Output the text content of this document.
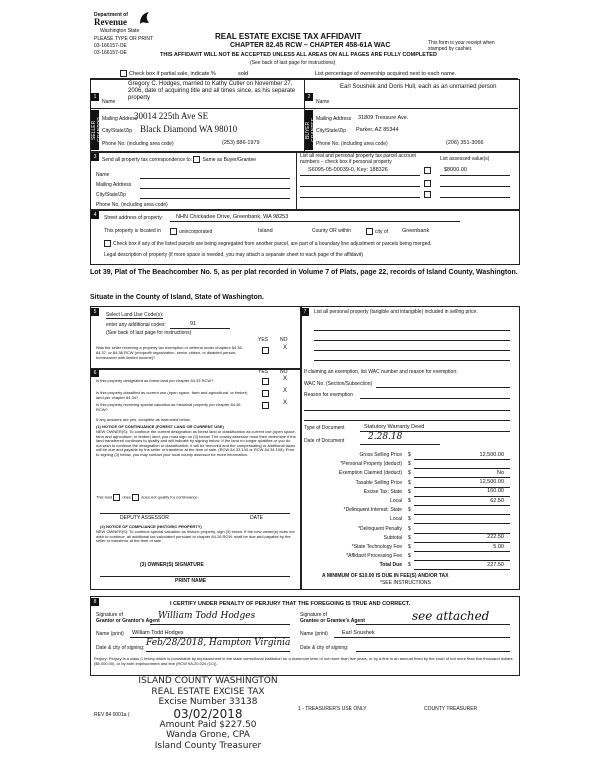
Department of
Revenue
Washington State
PLEASE TYPE OR PRINT
03-166157-OE
03-166157-OE
REAL ESTATE EXCISE TAX AFFIDAVIT
CHAPTER 82.45 RCW – CHAPTER 458-61A WAC
THIS AFFIDAVIT WILL NOT BE ACCEPTED UNLESS ALL AREAS ON ALL PAGES ARE FULLY COMPLETED
(See back of last page for instructions)
This form is your receipt when stamped by cashier.
Check box if partial sale, indicate %	sold	List percentage of ownership acquired next to each name.
1	2
Name
Gregory C. Hodges, married to Kathy Cutler on November 27, 2006, date of acquiring title and all times since, as his separate property
Name
Earl Soushek and Doris Hull, each as an unmarried person
SELLER GRANTOR	BUYER GRANTEE
Mailing Address
30014 225th Ave SE
City/State/Zip Black Diamond WA 98010
Phone No. (including area code)	(253) 886-1979
Mailing Address 31809 Tressure Ave.
City/State/Zip Parker, AZ 85344
Phone No. (including area code)	(206) 351-3066
3	Send all property tax correspondence to: Same as Buyer/Grantee
Name
Mailing Address
City/State/Zip
Phone No. (including area code)
List all real and personal property tax parcel account numbers – check box if personal property	List assessed value(s)
S6095-05-00039-0, Key: 188326	$8000.00
4	Street address of property: NHN Chickadee Drive, Greenbank, WA 98253
This property is located in	unincorporated	Island	County OR within	city of	Greenbank
Check box if any of the listed parcels are being segregated from another parcel, are part of a boundary line adjustment or parcels being merged.
Legal description of property (if more space is needed, you may attach a separate sheet to each page of the affidavit)
Lot 39, Plat of The Beachcomber No. 5, as per plat recorded in Volume 7 of Plats, page 22, records of Island County, Washington.
Situate in the County of Island, State of Washington.
5	Select Land Use Code(s):
enter any additional codes:	91
(See back of last page for instructions)
YES NO
Was the seller receiving a property tax exemption or deferral under chapters 84.36, 84.37, or 84.38 RCW (nonprofit organization, senior citizen, or disabled person, homeowner with limited income)?
X
6	YES NO
Is this property designated as forest land per chapter 84.33 RCW?	X
Is this property classified as current use (open space, farm and agricultural, or timber) land per chapter 84.34?
X
Is this property receiving special valuation as historical property per chapter 84.26 RCW?
X
If any answers are yes, complete as instructed below.
(1) NOTICE OF CONTINUANCE (FOREST LAND OR CURRENT USE)
NEW OWNER(S): To continue the current designation as forest land or classification as current use (open space, farm and agriculture, or timber) land, you must sign on (3) below. The county assessor must then determine if the land transferred continues to qualify and will indicate by signing below. If the land no longer qualifies or you do not wish to continue the designation or classification, it will be removed and the compensating or additional taxes will be due and payable by the seller or transferor at the time of sale. (RCW 84.33.140 or RCW 84.34.108). Prior to signing (3) below, you may contact your local county assessor for more information.
This land	does	does not qualify for continuance.
DEPUTY ASSESSOR	DATE
(2) NOTICE OF COMPLIANCE (HISTORIC PROPERTY)
NEW OWNER(S): To continue special valuation as historic property, sign (3) below. If the new owner(s) does not wish to continue, all additional tax calculated pursuant to chapter 84.26 RCW, shall be due and payable by the seller or transferor at the time of sale.
(3) OWNER(S) SIGNATURE
PRINT NAME
7	List all personal property (tangible and intangible) included in selling price.
If claiming an exemption, list WAC number and reason for exemption:
WAC No. (Section/Subsection)
Reason for exemption
Type of Document	Statutory Warranty Deed
Date of Document	2.28.18
Gross Selling Price $	12,500.00
*Personal Property (deduct) $
Exemption Claimed (deduct) $	No
Taxable Selling Price $	12,500.00
Excise Tax: State $	160.00
Local $	62.50
*Delinquent Interest: State $
Local $
*Delinquent Penalty $
Subtotal $	222.50
*State Technology Fee $	5.00
*Affidavit Processing Fee $
Total Due $	227.50
A MINIMUM OF $10.00 IS DUE IN FEE(S) AND/OR TAX
*SEE INSTRUCTIONS
8	I CERTIFY UNDER PENALTY OF PERJURY THAT THE FOREGOING IS TRUE AND CORRECT.
Signature of
Grantor or Grantor's Agent
William Todd Hodges	Signature of
Grantee or Grantee's Agent	see attached
Name (print) William Todd Hodges	Name (print)	Earl Soushek
Date & city of signing: Feb/28/2018, Hampton Virginia	Date & city of signing:
Perjury: Perjury is a class C felony which is punishable by imprisonment in the state correctional institution for a maximum term of not more than five years, or by a fine in an amount fixed by the court of not more than five thousand dollars ($5,000.00), or by both imprisonment and fine (RCW 9A.20.020 (1C)).
ISLAND COUNTY WASHINGTON
REAL ESTATE EXCISE TAX
Excise Number 33138
03/02/2018
Amount Paid $227.50
Wanda Grone, CPA
Island County Treasurer
REV 84 0001a (
1 - TREASURER'S USE ONLY	COUNTY TREASURER
